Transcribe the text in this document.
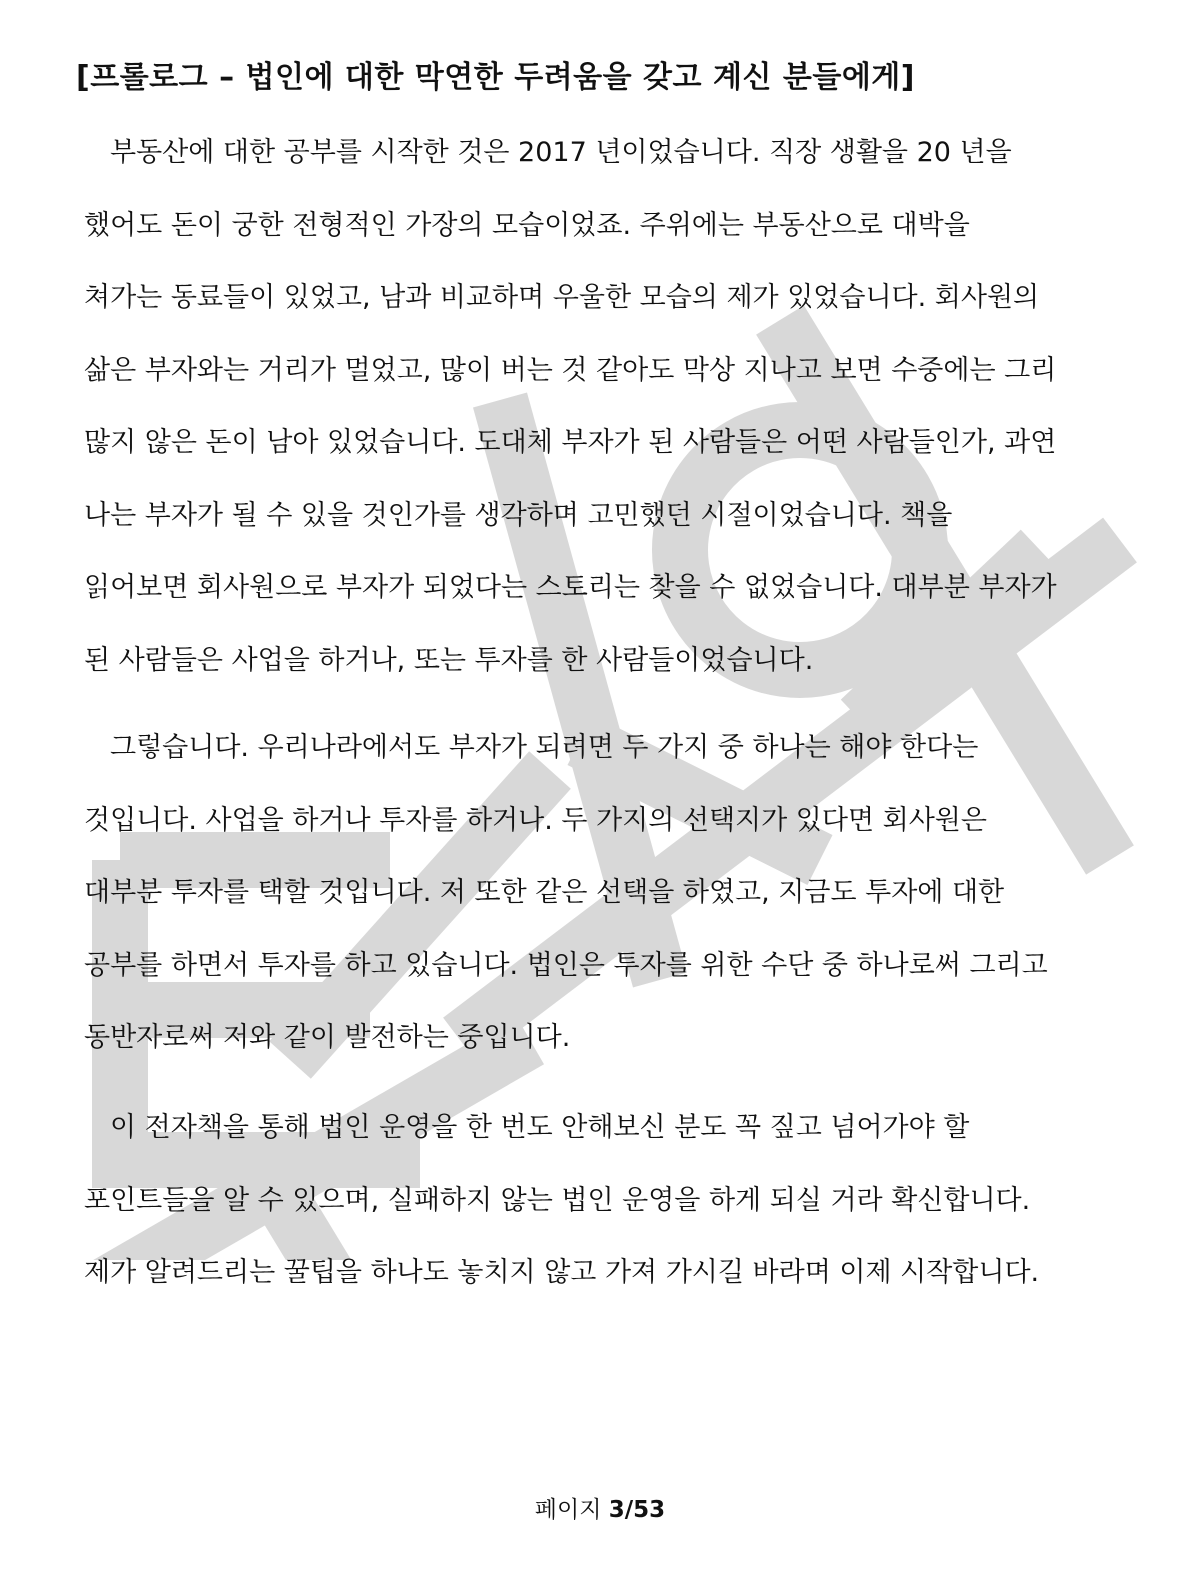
[프롤로그 – 법인에 대한 막연한 두려움을 갖고 계신 분들에게]
부동산에 대한 공부를 시작한 것은 2017 년이었습니다. 직장 생활을 20 년을
했어도 돈이 궁한 전형적인 가장의 모습이었죠. 주위에는 부동산으로 대박을
쳐가는 동료들이 있었고, 남과 비교하며 우울한 모습의 제가 있었습니다. 회사원의
삶은 부자와는 거리가 멀었고, 많이 버는 것 같아도 막상 지나고 보면 수중에는 그리
많지 않은 돈이 남아 있었습니다. 도대체 부자가 된 사람들은 어떤 사람들인가, 과연
나는 부자가 될 수 있을 것인가를 생각하며 고민했던 시절이었습니다. 책을
읽어보면 회사원으로 부자가 되었다는 스토리는 찾을 수 없었습니다. 대부분 부자가
된 사람들은 사업을 하거나, 또는 투자를 한 사람들이었습니다.
그렇습니다. 우리나라에서도 부자가 되려면 두 가지 중 하나는 해야 한다는
것입니다. 사업을 하거나 투자를 하거나. 두 가지의 선택지가 있다면 회사원은
대부분 투자를 택할 것입니다. 저 또한 같은 선택을 하였고, 지금도 투자에 대한
공부를 하면서 투자를 하고 있습니다. 법인은 투자를 위한 수단 중 하나로써 그리고
동반자로써 저와 같이 발전하는 중입니다.
이 전자책을 통해 법인 운영을 한 번도 안해보신 분도 꼭 짚고 넘어가야 할
포인트들을 알 수 있으며, 실패하지 않는 법인 운영을 하게 되실 거라 확신합니다.
제가 알려드리는 꿀팁을 하나도 놓치지 않고 가져 가시길 바라며 이제 시작합니다.
페이지 3/53
